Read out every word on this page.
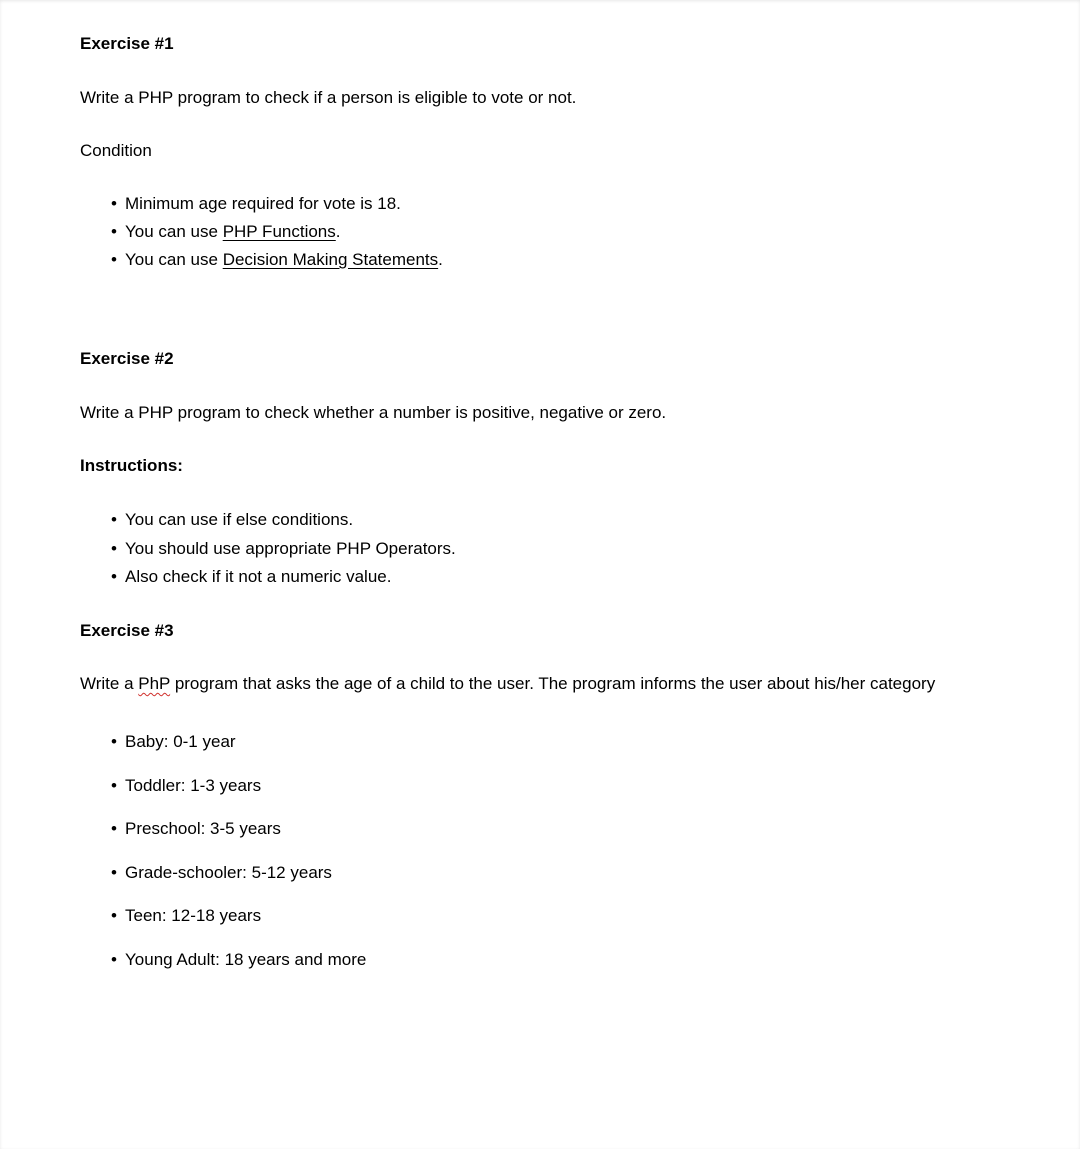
Exercise #1

Write a PHP program to check if a person is eligible to vote or not.

Condition

• Minimum age required for vote is 18.
• You can use PHP Functions.
• You can use Decision Making Statements.

Exercise #2

Write a PHP program to check whether a number is positive, negative or zero.

Instructions:

• You can use if else conditions.
• You should use appropriate PHP Operators.
• Also check if it not a numeric value.

Exercise #3

Write a PhP program that asks the age of a child to the user. The program informs the user about his/her category

• Baby: 0-1 year
• Toddler: 1-3 years
• Preschool: 3-5 years
• Grade-schooler: 5-12 years
• Teen: 12-18 years
• Young Adult: 18 years and more
